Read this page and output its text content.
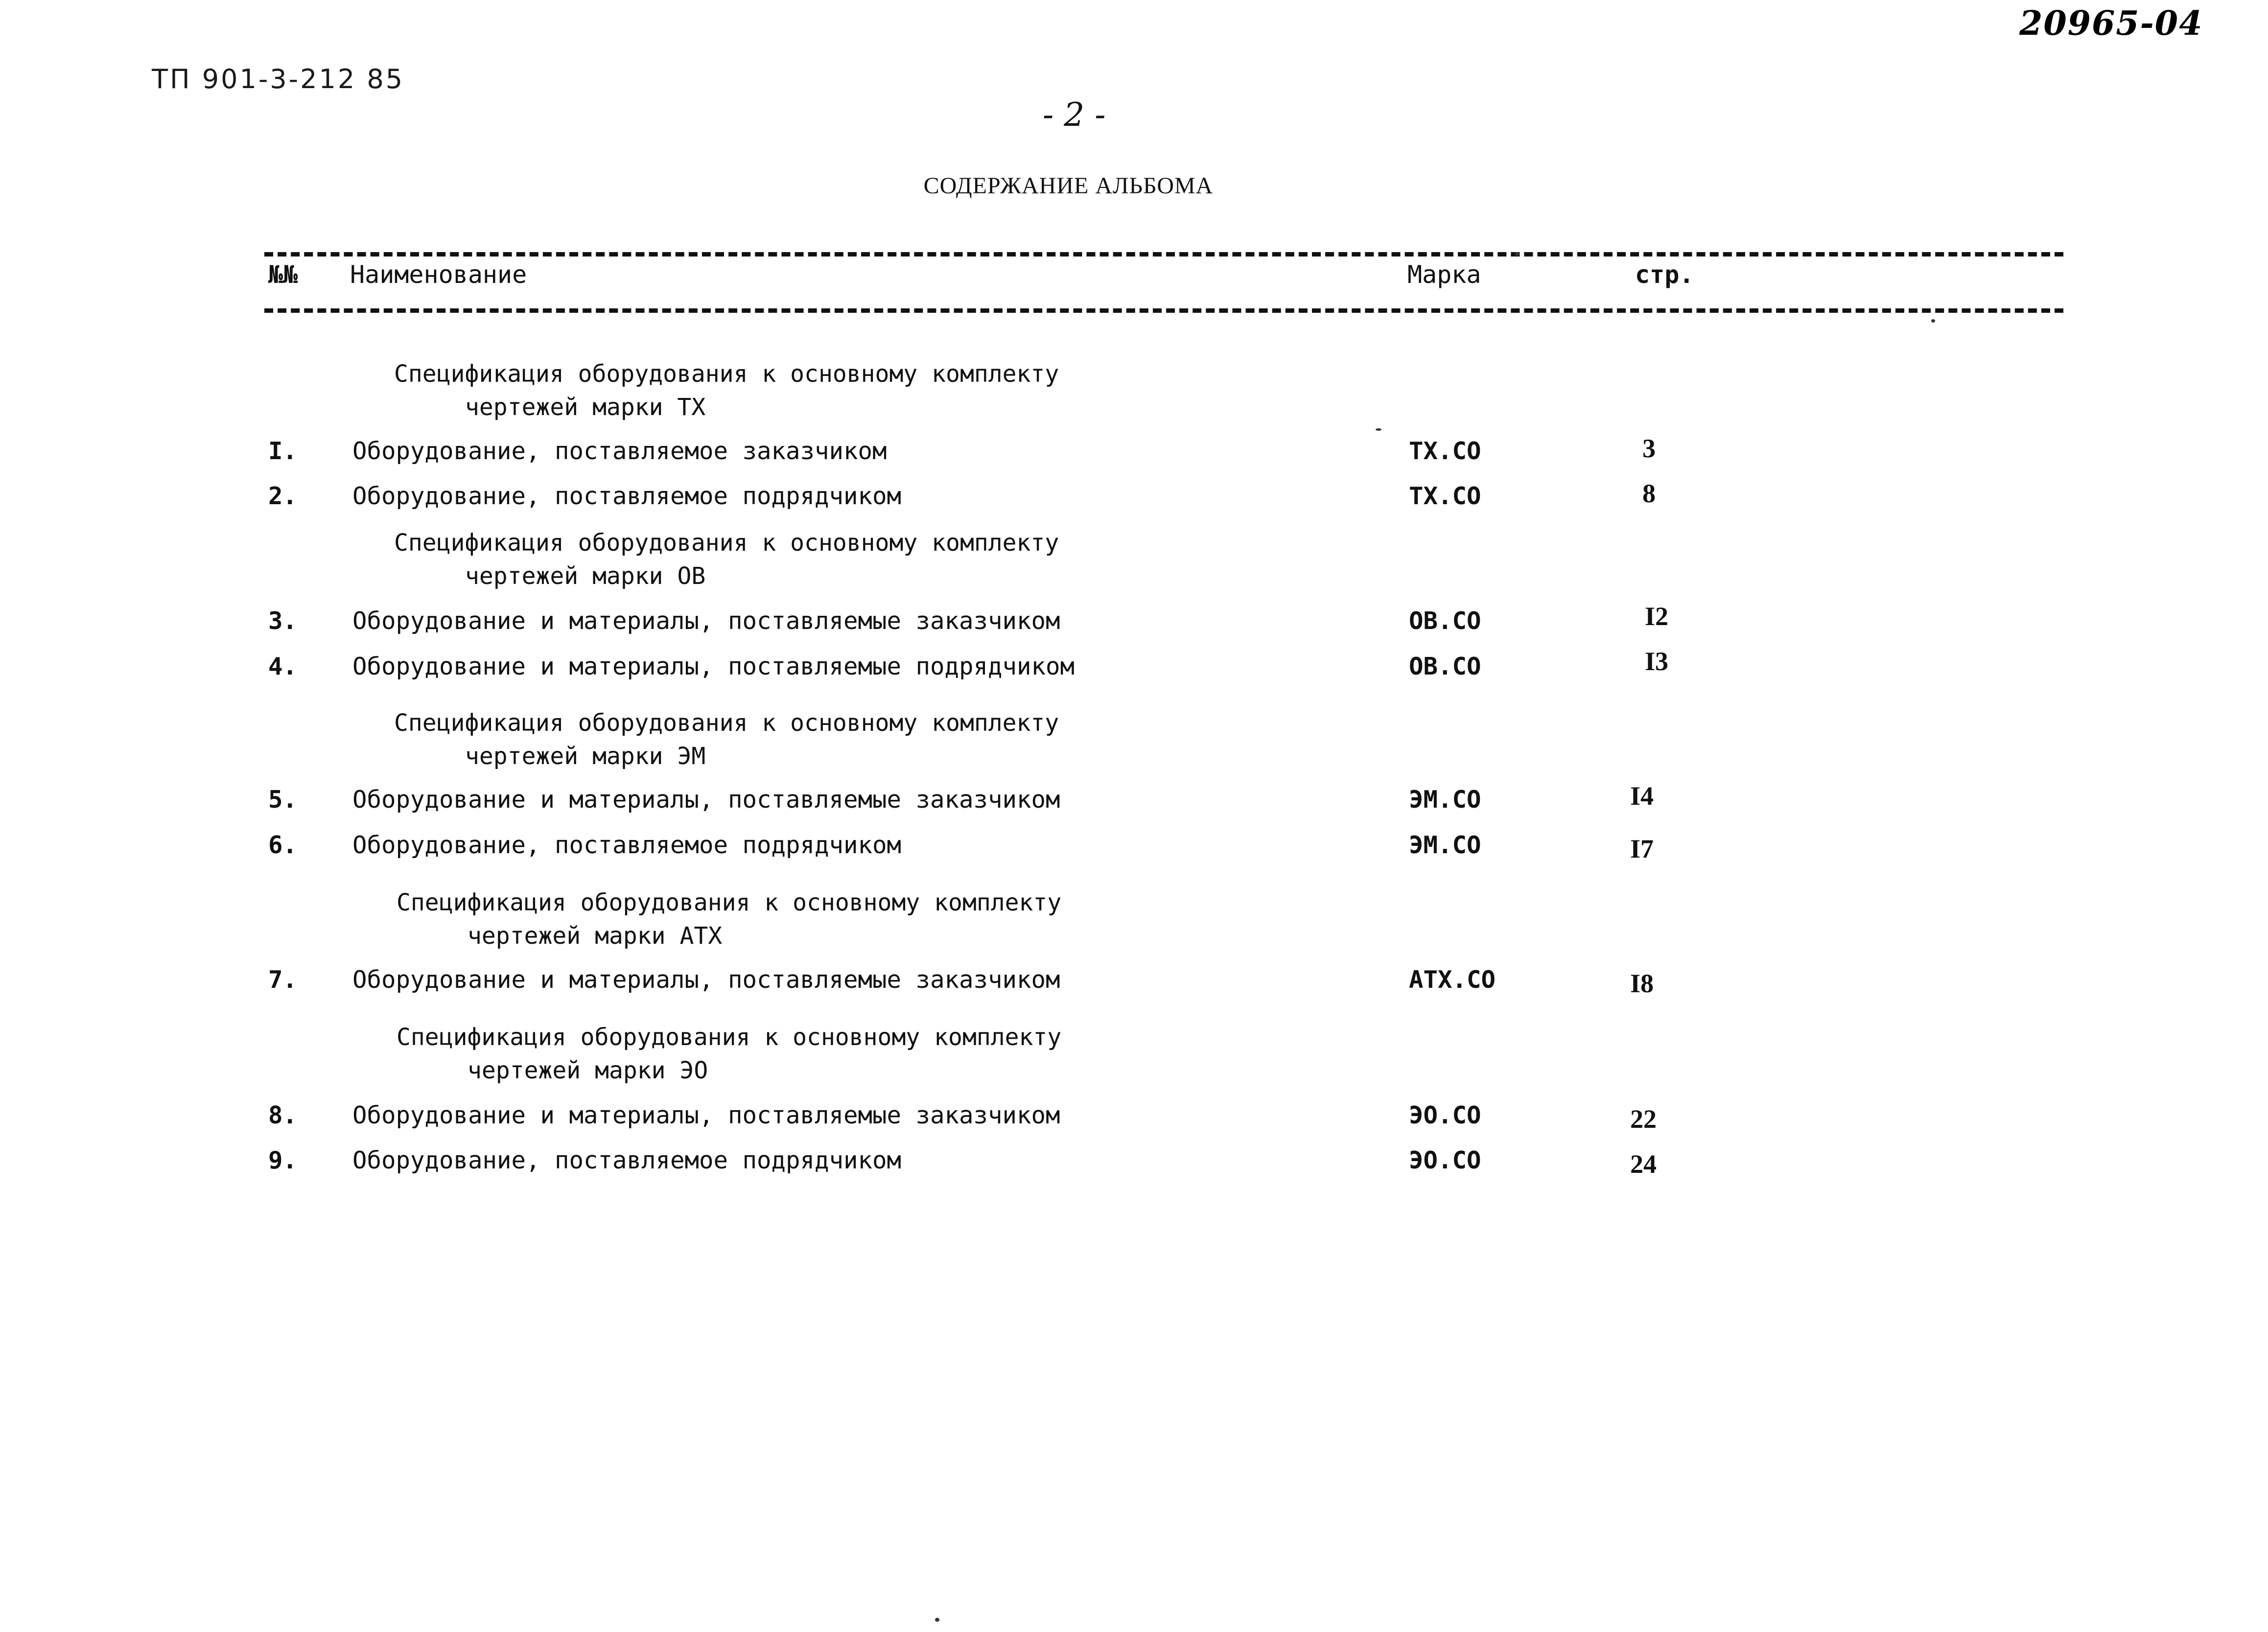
ТП 901-3-212 85
20965-04
- 2 -
СОДЕРЖАНИЕ АЛЬБОМА
№№ Наименование	Марка	стр.
Спецификация оборудования к основному комплекту
чертежей марки ТХ
Спецификация оборудования к основному комплекту
чертежей марки ОВ
Спецификация оборудования к основному комплекту
чертежей марки ЭМ
Спецификация оборудования к основному комплекту
чертежей марки АТХ
Спецификация оборудования к основному комплекту
чертежей марки ЭО
I. Оборудование, поставляемое заказчиком	ТХ.СО	3
2. Оборудование, поставляемое подрядчиком	ТХ.СО	8
3. Оборудование и материалы, поставляемые заказчиком	ОВ.СО	I2
4. Оборудование и материалы, поставляемые подрядчиком	ОВ.СО	I3
5. Оборудование и материалы, поставляемые заказчиком	ЭМ.СО	I4
6. Оборудование, поставляемое подрядчиком	ЭМ.СО	I7
7. Оборудование и материалы, поставляемые заказчиком	АТХ.СО	I8
8. Оборудование и материалы, поставляемые заказчиком	ЭО.СО	22
9. Оборудование, поставляемое подрядчиком	ЭО.СО	24
